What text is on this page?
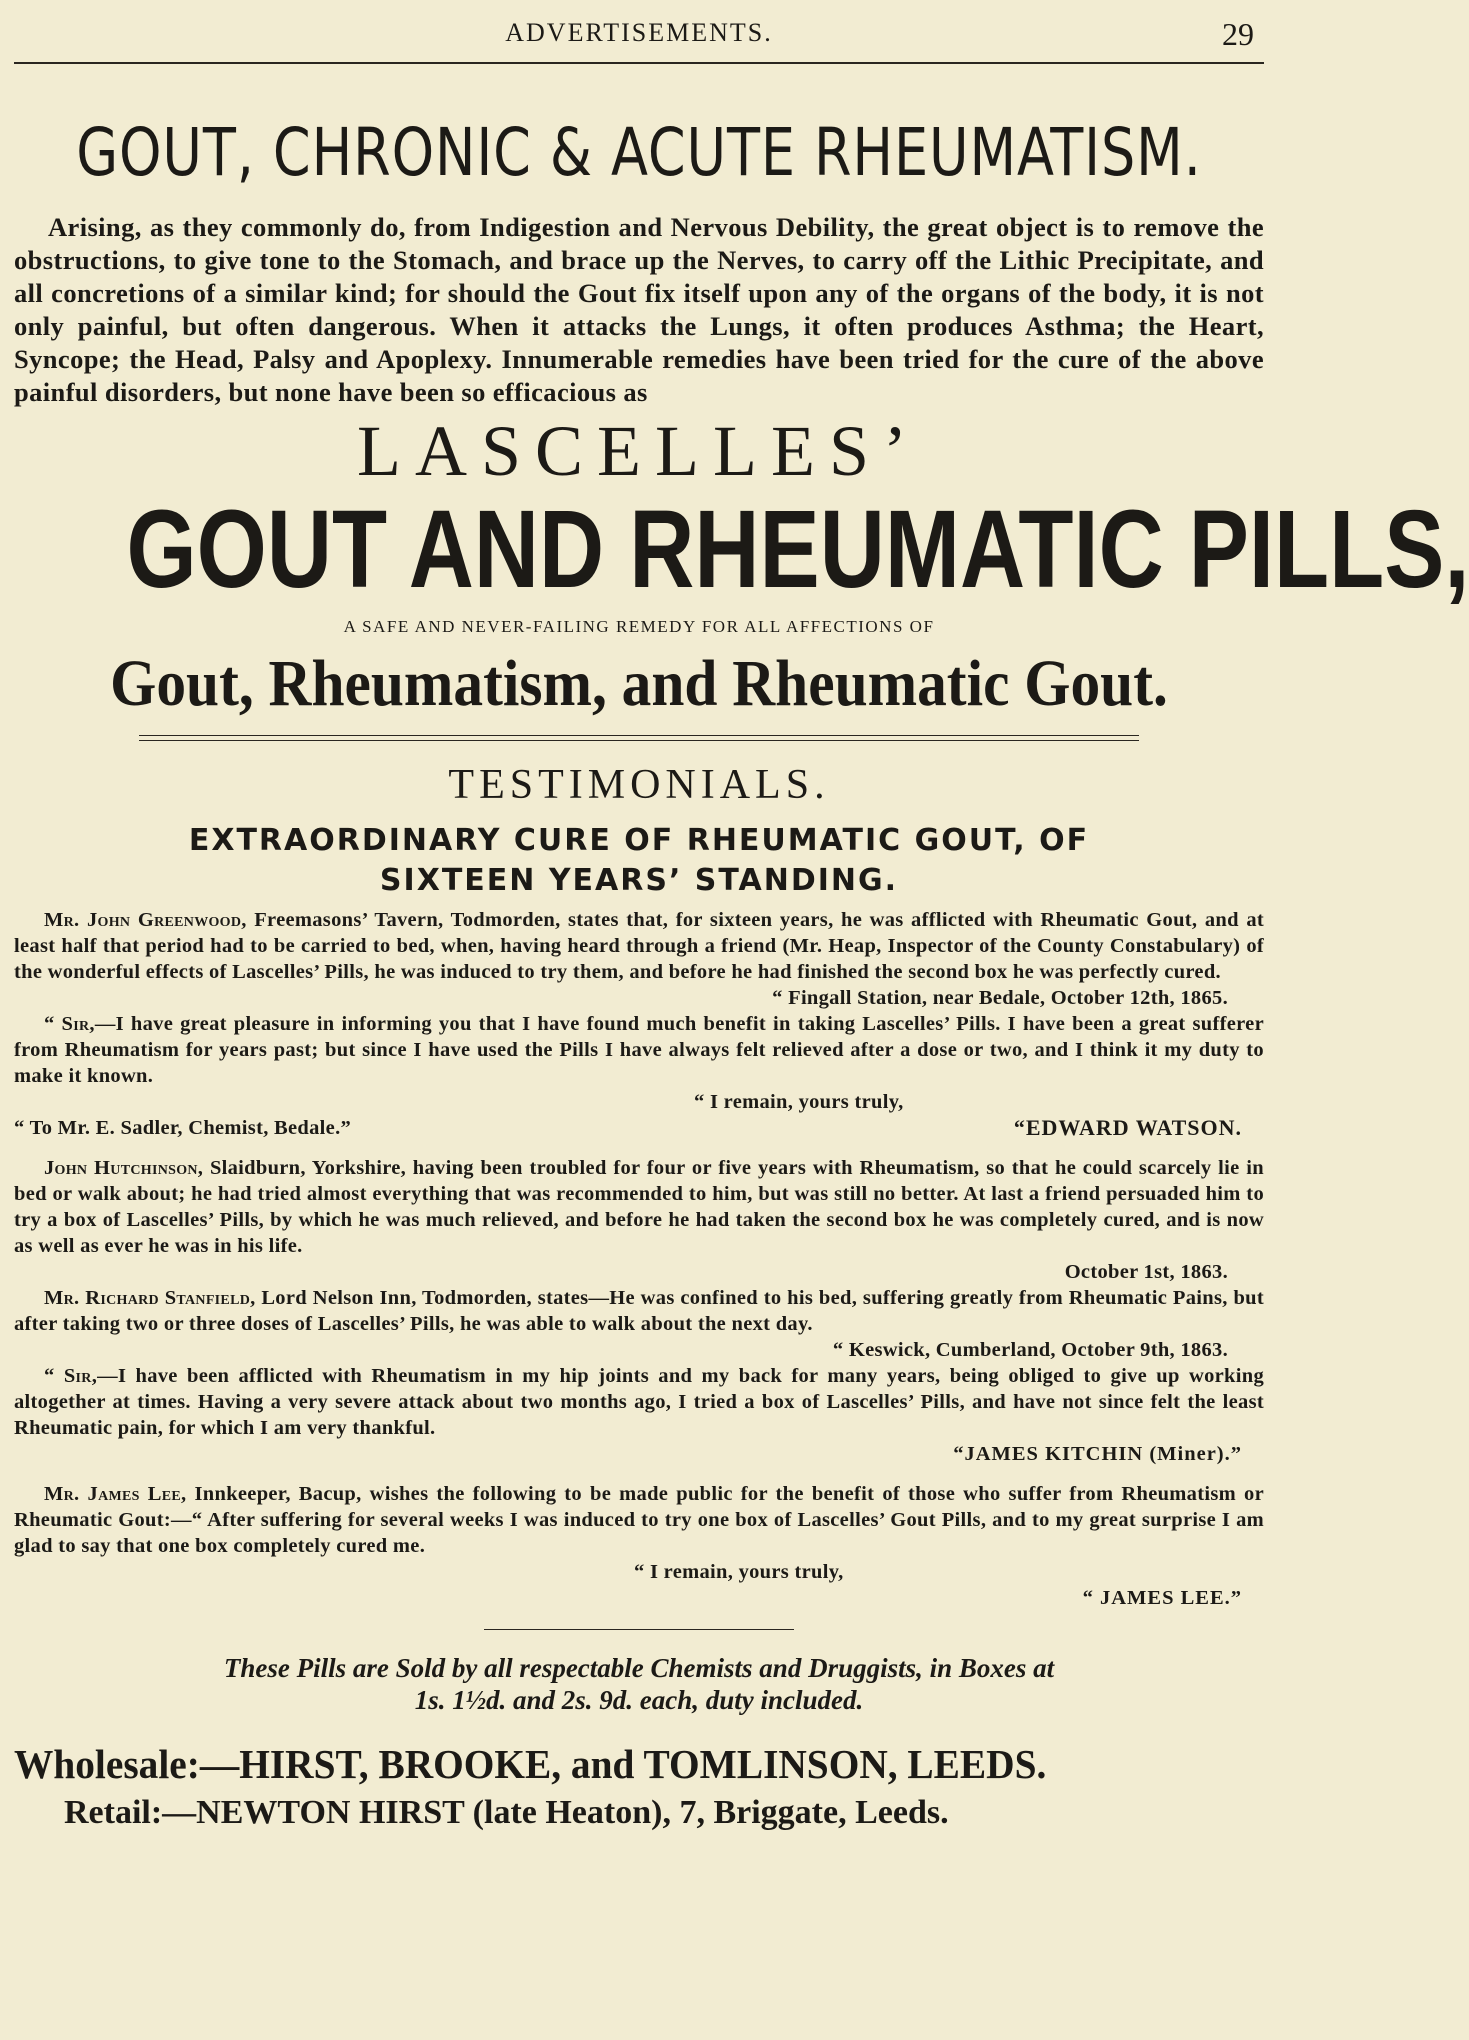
ADVERTISEMENTS.	29
GOUT, CHRONIC & ACUTE RHEUMATISM.
Arising, as they commonly do, from Indigestion and Nervous Debility, the great object is to remove the obstructions, to give tone to the Stomach, and brace up the Nerves, to carry off the Lithic Precipitate, and all concretions of a similar kind; for should the Gout fix itself upon any of the organs of the body, it is not only painful, but often dangerous. When it attacks the Lungs, it often produces Asthma; the Heart, Syncope; the Head, Palsy and Apoplexy. Innumerable remedies have been tried for the cure of the above painful disorders, but none have been so efficacious as
LASCELLES’
GOUT AND RHEUMATIC PILLS,
A SAFE AND NEVER-FAILING REMEDY FOR ALL AFFECTIONS OF
Gout, Rheumatism, and Rheumatic Gout.
TESTIMONIALS.
EXTRAORDINARY CURE OF RHEUMATIC GOUT, OF
SIXTEEN YEARS’ STANDING.

Mr. John Greenwood, Freemasons’ Tavern, Todmorden, states that, for sixteen years, he was afflicted with Rheumatic Gout, and at least half that period had to be carried to bed, when, having heard through a friend (Mr. Heap, Inspector of the County Constabulary) of the wonderful effects of Lascelles’ Pills, he was induced to try them, and before he had finished the second box he was perfectly cured.

“ Fingall Station, near Bedale, October 12th, 1865.

“ Sir,—I have great pleasure in informing you that I have found much benefit in taking Lascelles’ Pills. I have been a great sufferer from Rheumatism for years past; but since I have used the Pills I have always felt relieved after a dose or two, and I think it my duty to make it known.

“ I remain, yours truly,

“ To Mr. E. Sadler, Chemist, Bedale.”	“EDWARD WATSON.

John Hutchinson, Slaidburn, Yorkshire, having been troubled for four or five years with Rheumatism, so that he could scarcely lie in bed or walk about; he had tried almost everything that was recommended to him, but was still no better. At last a friend persuaded him to try a box of Lascelles’ Pills, by which he was much relieved, and before he had taken the second box he was completely cured, and is now as well as ever he was in his life.

October 1st, 1863.

Mr. Richard Stanfield, Lord Nelson Inn, Todmorden, states—He was confined to his bed, suffering greatly from Rheumatic Pains, but after taking two or three doses of Lascelles’ Pills, he was able to walk about the next day.

“ Keswick, Cumberland, October 9th, 1863.

“ Sir,—I have been afflicted with Rheumatism in my hip joints and my back for many years, being obliged to give up working altogether at times. Having a very severe attack about two months ago, I tried a box of Lascelles’ Pills, and have not since felt the least Rheumatic pain, for which I am very thankful.

“JAMES KITCHIN (Miner).”

Mr. James Lee, Innkeeper, Bacup, wishes the following to be made public for the benefit of those who suffer from Rheumatism or Rheumatic Gout:—“ After suffering for several weeks I was induced to try one box of Lascelles’ Gout Pills, and to my great surprise I am glad to say that one box completely cured me.

“ I remain, yours truly,

“ JAMES LEE.”

These Pills are Sold by all respectable Chemists and Druggists, in Boxes at
1s. 1½d. and 2s. 9d. each, duty included.
Wholesale:—HIRST, BROOKE, and TOMLINSON, LEEDS.
Retail:—NEWTON HIRST (late Heaton), 7, Briggate, Leeds.
